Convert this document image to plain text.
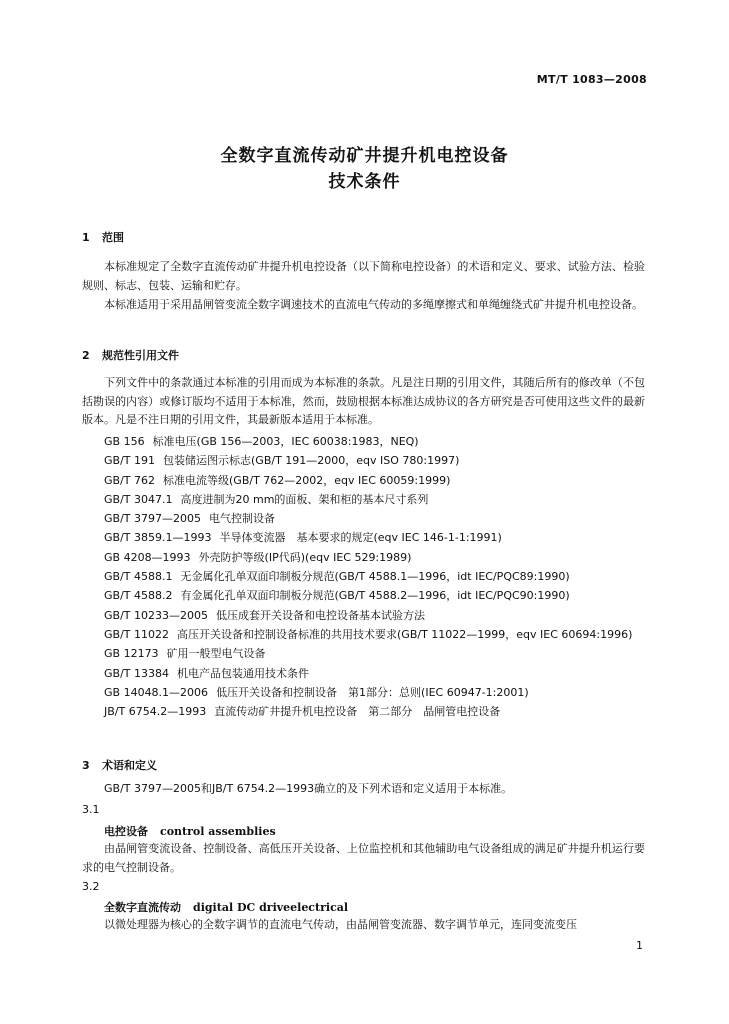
MT/T 1083—2008
全数字直流传动矿井提升机电控设备
技术条件
1 范围
本标准规定了全数字直流传动矿井提升机电控设备（以下简称电控设备）的术语和定义、要求、试验方法、检验规则、标志、包装、运输和贮存。
本标准适用于采用晶闸管变流全数字调速技术的直流电气传动的多绳摩擦式和单绳缠绕式矿井提升机电控设备。
2 规范性引用文件
下列文件中的条款通过本标准的引用而成为本标准的条款。凡是注日期的引用文件，其随后所有的修改单（不包括勘误的内容）或修订版均不适用于本标准，然而，鼓励根据本标准达成协议的各方研究是否可使用这些文件的最新版本。凡是不注日期的引用文件，其最新版本适用于本标准。
GB 156 标准电压(GB 156—2003，IEC 60038:1983，NEQ)
GB/T 191 包装储运图示标志(GB/T 191—2000，eqv ISO 780:1997)
GB/T 762 标准电流等级(GB/T 762—2002，eqv IEC 60059:1999)
GB/T 3047.1 高度进制为20 mm的面板、架和柜的基本尺寸系列
GB/T 3797—2005 电气控制设备
GB/T 3859.1—1993 半导体变流器　基本要求的规定(eqv IEC 146-1-1:1991)
GB 4208—1993 外壳防护等级(IP代码)(eqv IEC 529:1989)
GB/T 4588.1 无金属化孔单双面印制板分规范(GB/T 4588.1—1996，idt IEC/PQC89:1990)
GB/T 4588.2 有金属化孔单双面印制板分规范(GB/T 4588.2—1996，idt IEC/PQC90:1990)
GB/T 10233—2005 低压成套开关设备和电控设备基本试验方法
GB/T 11022 高压开关设备和控制设备标准的共用技术要求(GB/T 11022—1999，eqv IEC 60694:1996)
GB 12173 矿用一般型电气设备
GB/T 13384 机电产品包装通用技术条件
GB 14048.1—2006 低压开关设备和控制设备　第1部分：总则(IEC 60947-1:2001)
JB/T 6754.2—1993 直流传动矿井提升机电控设备　第二部分　晶闸管电控设备
3 术语和定义
GB/T 3797—2005和JB/T 6754.2—1993确立的及下列术语和定义适用于本标准。
3.1
电控设备 control assemblies
由晶闸管变流设备、控制设备、高低压开关设备、上位监控机和其他辅助电气设备组成的满足矿井提升机运行要求的电气控制设备。
3.2
全数字直流传动 digital DC driveelectrical
以微处理器为核心的全数字调节的直流电气传动，由晶闸管变流器、数字调节单元，连同变流变压
1
